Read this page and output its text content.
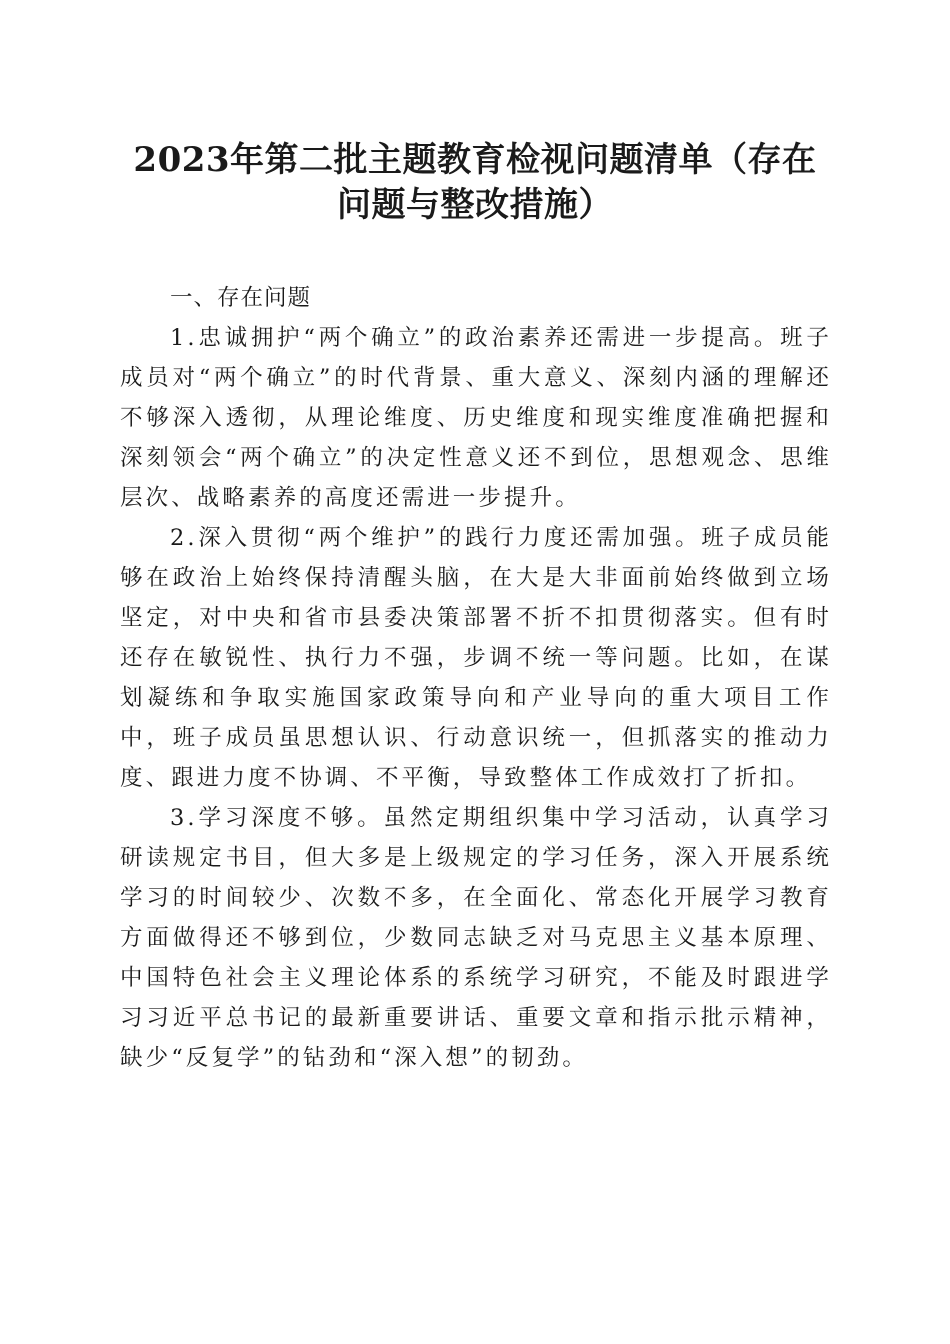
2023年第二批主题教育检视问题清单（存在
问题与整改措施）

一、存在问题

1.忠诚拥护“两个确立”的政治素养还需进一步提高。班子成员对“两个确立”的时代背景、重大意义、深刻内涵的理解还不够深入透彻，从理论维度、历史维度和现实维度准确把握和深刻领会“两个确立”的决定性意义还不到位，思想观念、思维层次、战略素养的高度还需进一步提升。

2.深入贯彻“两个维护”的践行力度还需加强。班子成员能够在政治上始终保持清醒头脑，在大是大非面前始终做到立场坚定，对中央和省市县委决策部署不折不扣贯彻落实。但有时还存在敏锐性、执行力不强，步调不统一等问题。比如，在谋划凝练和争取实施国家政策导向和产业导向的重大项目工作中，班子成员虽思想认识、行动意识统一，但抓落实的推动力度、跟进力度不协调、不平衡，导致整体工作成效打了折扣。

3.学习深度不够。虽然定期组织集中学习活动，认真学习研读规定书目，但大多是上级规定的学习任务，深入开展系统学习的时间较少、次数不多，在全面化、常态化开展学习教育方面做得还不够到位，少数同志缺乏对马克思主义基本原理、中国特色社会主义理论体系的系统学习研究，不能及时跟进学习习近平总书记的最新重要讲话、重要文章和指示批示精神，缺少“反复学”的钻劲和“深入想”的韧劲。
